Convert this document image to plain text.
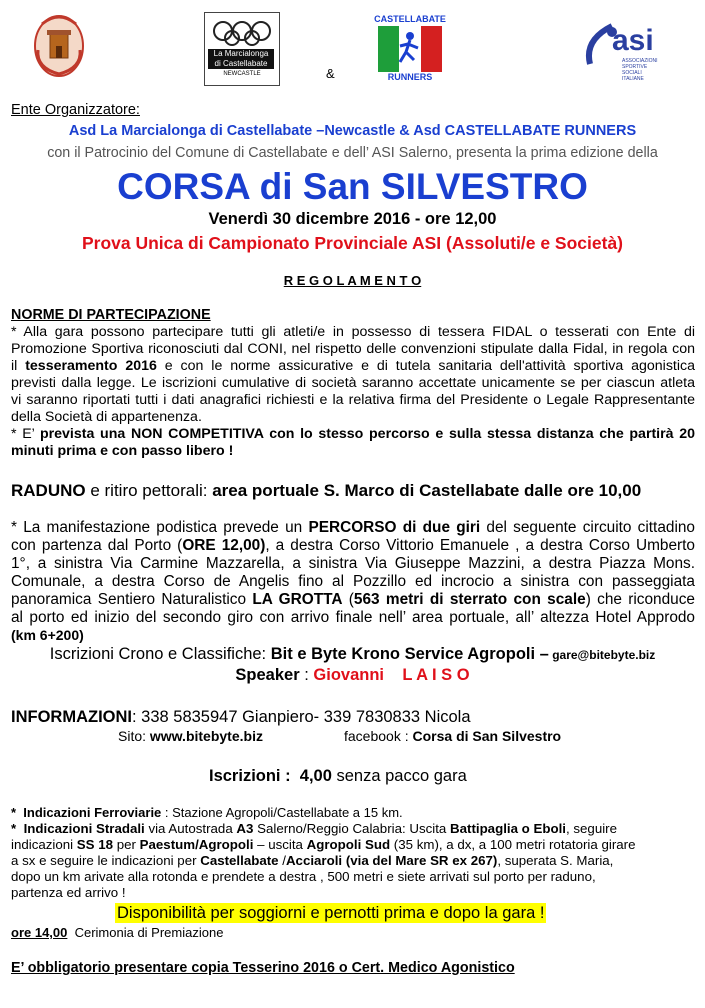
La Marcialonga
di Castellabate
NEWCASTLE	&
CASTELLABATE
RUNNERS
asi
ASSOCIAZIONI
SPORTIVE
SOCIALI
ITALIANE
Ente Organizzatore:
Asd La Marcialonga di Castellabate –Newcastle & Asd CASTELLABATE RUNNERS
con il Patrocinio del Comune di Castellabate e dell’ ASI Salerno, presenta la prima edizione della
CORSA di San SILVESTRO
Venerdì 30 dicembre 2016 - ore 12,00
Prova Unica di Campionato Provinciale ASI (Assoluti/e e Società)
R E G O L A M E N T O
NORME DI PARTECIPAZIONE
* Alla gara possono partecipare tutti gli atleti/e in possesso di tessera FIDAL o tesserati con Ente di
Promozione Sportiva riconosciuti dal CONI, nel rispetto delle convenzioni stipulate dalla Fidal, in regola con
il tesseramento 2016 e con le norme assicurative e di tutela sanitaria dell'attività sportiva agonistica
previsti dalla legge. Le iscrizioni cumulative di società saranno accettate unicamente se per ciascun atleta
vi saranno riportati tutti i dati anagrafici richiesti e la relativa firma del Presidente o Legale Rappresentante
della Società di appartenenza.
* E’ prevista una NON COMPETITIVA con lo stesso percorso e sulla stessa distanza che partirà 20
minuti prima e con passo libero !
RADUNO e ritiro pettorali: area portuale S. Marco di Castellabate dalle ore 10,00
* La manifestazione podistica prevede un PERCORSO di due giri del seguente circuito cittadino
con partenza dal Porto (ORE 12,00), a destra Corso Vittorio Emanuele , a destra Corso Umberto
1°, a sinistra Via Carmine Mazzarella, a sinistra Via Giuseppe Mazzini, a destra Piazza Mons.
Comunale, a destra Corso de Angelis fino al Pozzillo ed incrocio a sinistra con passeggiata
panoramica Sentiero Naturalistico LA GROTTA (563 metri di sterrato con scale) che riconduce
al porto ed inizio del secondo giro con arrivo finale nell’ area portuale, all’ altezza Hotel Approdo
(km 6+200)
Iscrizioni Crono e Classifiche: Bit e Byte Krono Service Agropoli – gare@bitebyte.biz
Speaker : Giovanni    L A I S O
INFORMAZIONI: 338 5835947 Gianpiero- 339 7830833 Nicola
Sito: www.bitebyte.biz	facebook : Corsa di San Silvestro
Iscrizioni :  4,00 senza pacco gara
*  Indicazioni Ferroviarie : Stazione Agropoli/Castellabate a 15 km.
*  Indicazioni Stradali via Autostrada A3 Salerno/Reggio Calabria: Uscita Battipaglia o Eboli, seguire
indicazioni SS 18 per Paestum/Agropoli – uscita Agropoli Sud (35 km), a dx, a 100 metri rotatoria girare
a sx e seguire le indicazioni per Castellabate /Acciaroli (via del Mare SR ex 267), superata S. Maria,
dopo un km arivate alla rotonda e prendete a destra , 500 metri e siete arrivati sul porto per raduno,
partenza ed arrivo !
Disponibilità per soggiorni e pernotti prima e dopo la gara !
ore 14,00  Cerimonia di Premiazione
E’ obbligatorio presentare copia Tesserino 2016 o Cert. Medico Agonistico
